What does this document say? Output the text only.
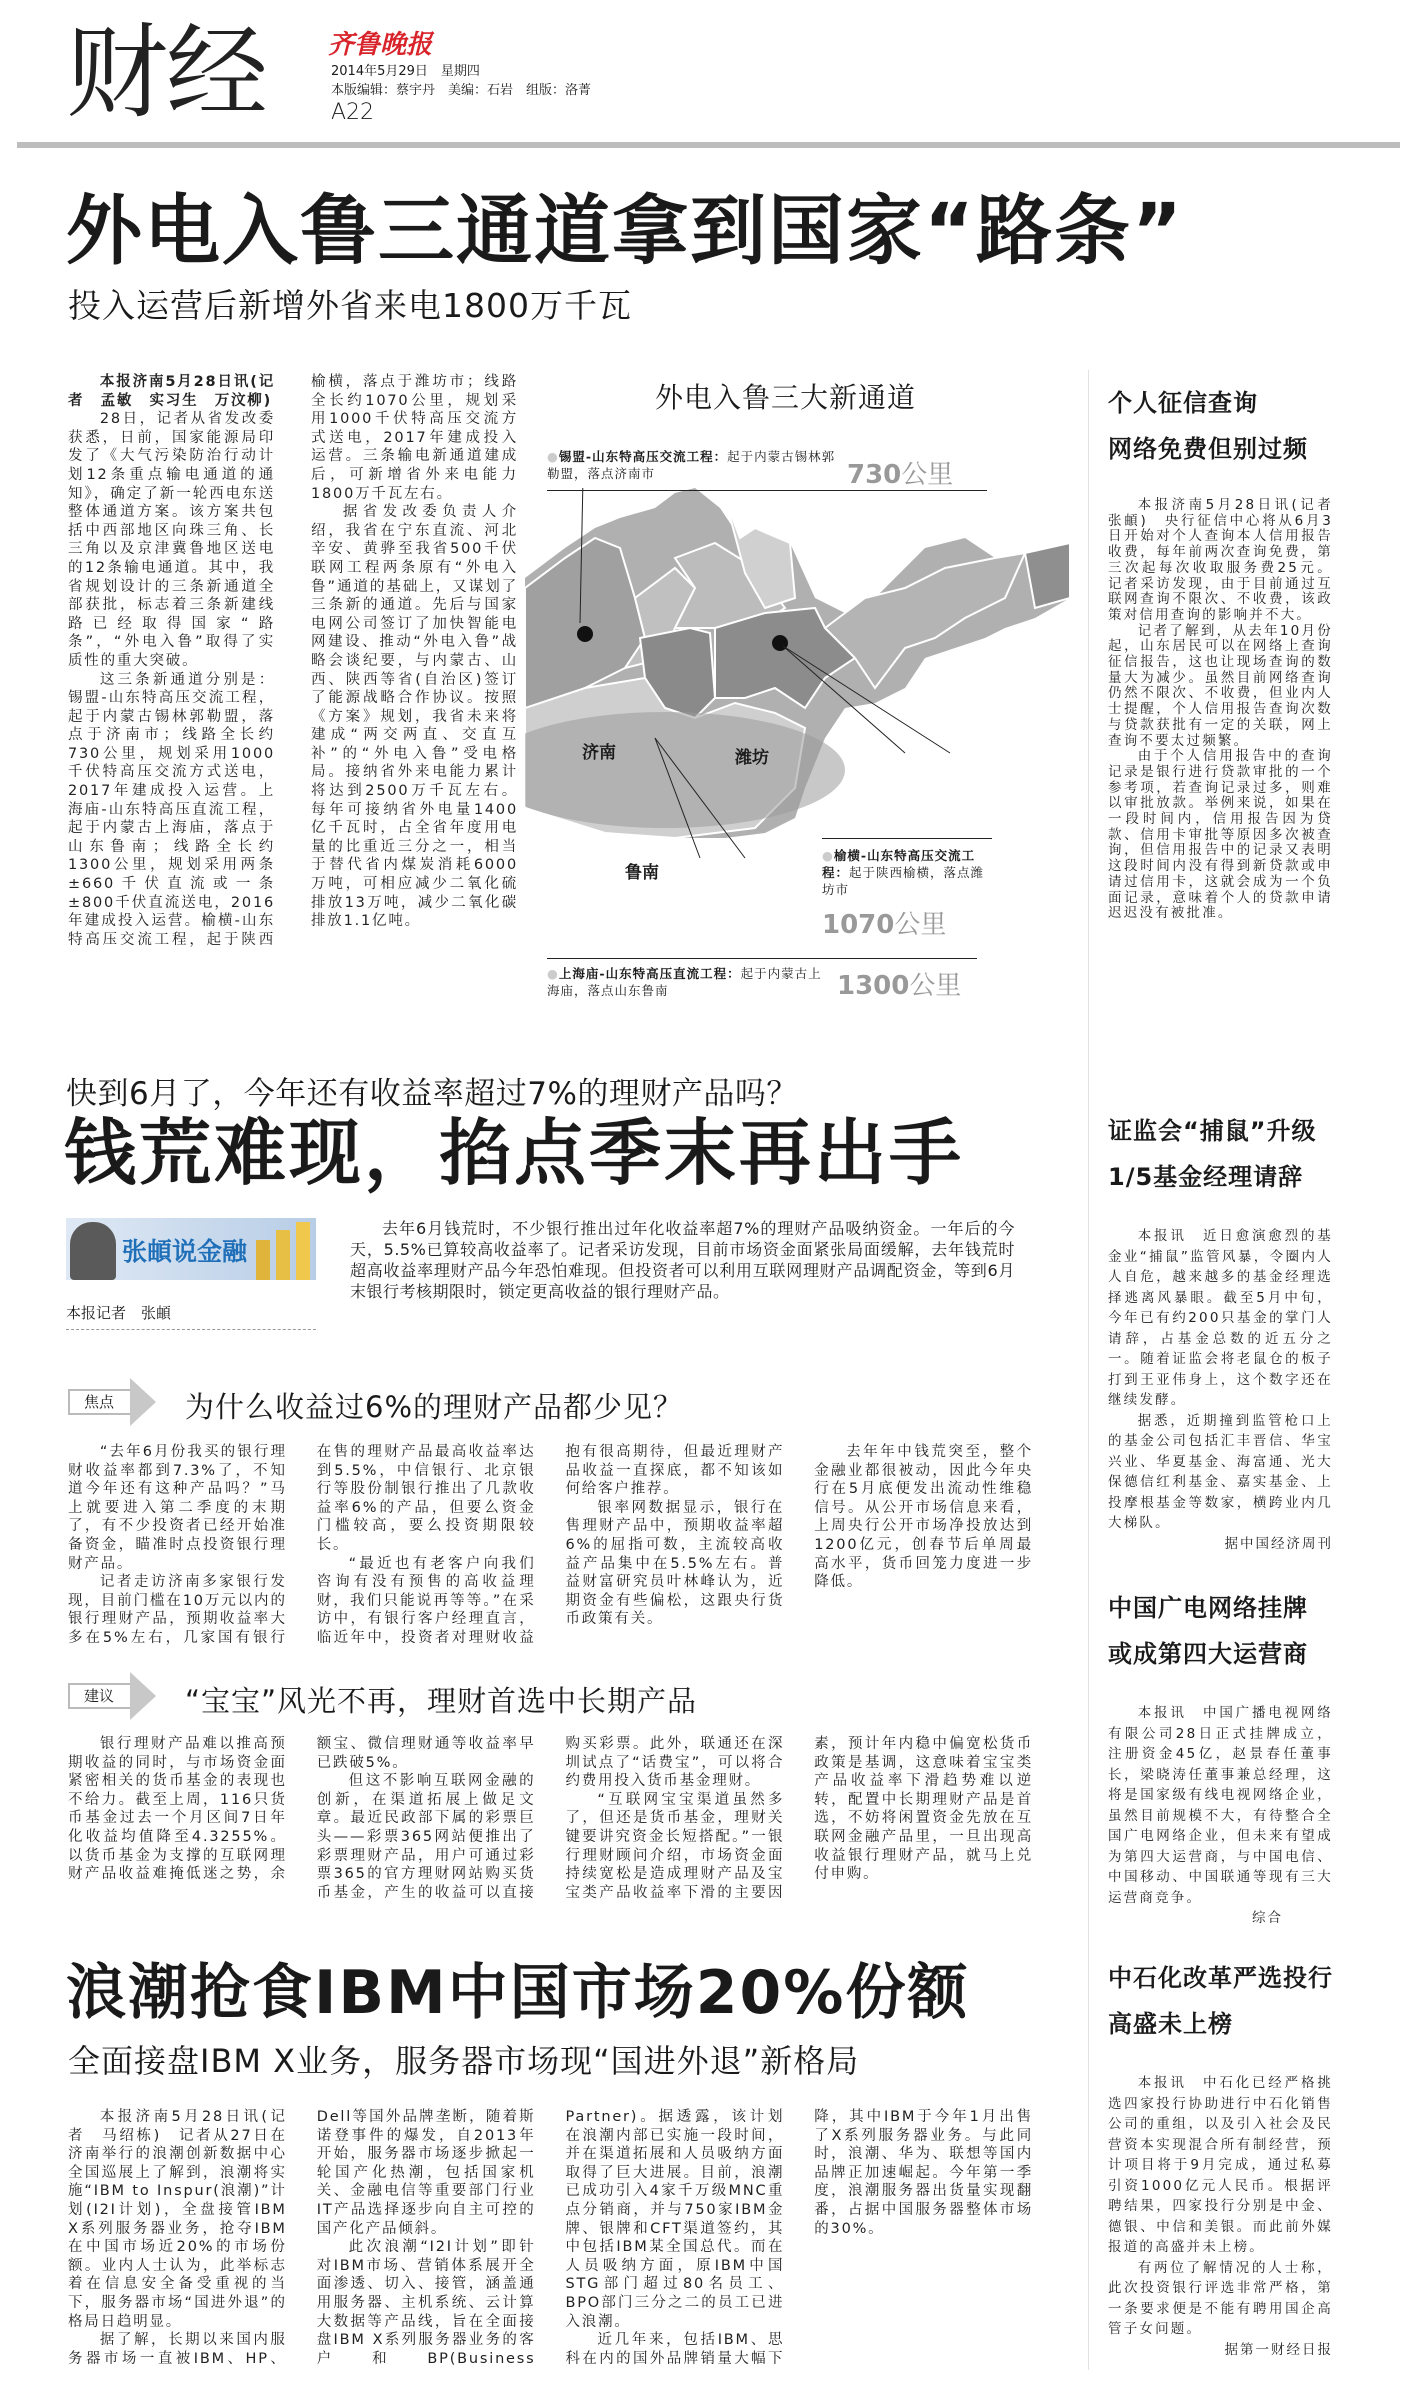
财经 齐鲁晚报
2014年5月29日　星期四
本版编辑：蔡宇丹　美编：石岩　组版：洛菁
A22
外电入鲁三通道拿到国家“路条”
投入运营后新增外省来电1800万千瓦

本报济南5月28日讯(记者　孟敏　实习生　万汶柳)

28日，记者从省发改委获悉，日前，国家能源局印发了《大气污染防治行动计划12条重点输电通道的通知》，确定了新一轮西电东送整体通道方案。该方案共包括中西部地区向珠三角、长三角以及京津冀鲁地区送电的12条输电通道。其中，我省规划设计的三条新通道全部获批，标志着三条新建线路已经取得国家“路条”，“外电入鲁”取得了实质性的重大突破。

这三条新通道分别是：锡盟-山东特高压交流工程，起于内蒙古锡林郭勒盟，落点于济南市；线路全长约730公里，规划采用1000千伏特高压交流方式送电，2017年建成投入运营。上海庙-山东特高压直流工程，起于内蒙古上海庙，落点于山东鲁南；线路全长约1300公里，规划采用两条±660千伏直流或一条±800千伏直流送电，2016年建成投入运营。榆横-山东特高压交流工程，起于陕西榆横，落点于潍坊市；线路全长约1070公里，规划采用1000千伏特高压交流方式送电，2017年建成投入运营。三条输电新通道建成后，可新增省外来电能力1800万千瓦左右。

据省发改委负责人介绍，我省在宁东直流、河北辛安、黄骅至我省500千伏联网工程两条原有“外电入鲁”通道的基础上，又谋划了三条新的通道。先后与国家电网公司签订了加快智能电网建设、推动“外电入鲁”战略会谈纪要，与内蒙古、山西、陕西等省(自治区)签订了能源战略合作协议。按照《方案》规划，我省未来将建成“两交两直、交直互补”的“外电入鲁”受电格局。接纳省外来电能力累计将达到2500万千瓦左右。每年可接纳省外电量1400亿千瓦时，占全省年度用电量的比重近三分之一，相当于替代省内煤炭消耗6000万吨，可相应减少二氧化硫排放13万吨，减少二氧化碳排放1.1亿吨。

外电入鲁三大新通道
济南	潍坊
鲁南
●锡盟-山东特高压交流工程：起于内蒙古锡林郭勒盟，落点济南市	730公里
●榆横-山东特高压交流工程：起于陕西榆横，落点潍坊市
1070公里
●上海庙-山东特高压直流工程：起于内蒙古上海庙，落点山东鲁南	1300公里
个人征信查询
网络免费但别过频

本报济南5月28日讯(记者张頔)　央行征信中心将从6月3日开始对个人查询本人信用报告收费，每年前两次查询免费，第三次起每次收取服务费25元。记者采访发现，由于目前通过互联网查询不限次、不收费，该政策对信用查询的影响并不大。

记者了解到，从去年10月份起，山东居民可以在网络上查询征信报告，这也让现场查询的数量大为减少。虽然目前网络查询仍然不限次、不收费，但业内人士提醒，个人信用报告查询次数与贷款获批有一定的关联，网上查询不要太过频繁。

由于个人信用报告中的查询记录是银行进行贷款审批的一个参考项，若查询记录过多，则难以审批放款。举例来说，如果在一段时间内，信用报告因为贷款、信用卡审批等原因多次被查询，但信用报告中的记录又表明这段时间内没有得到新贷款或申请过信用卡，这就会成为一个负面记录，意味着个人的贷款申请迟迟没有被批准。

证监会“捕鼠”升级
1/5基金经理请辞

本报讯　近日愈演愈烈的基金业“捕鼠”监管风暴，令圈内人人自危，越来越多的基金经理选择逃离风暴眼。截至5月中旬，今年已有约200只基金的掌门人请辞，占基金总数的近五分之一。随着证监会将老鼠仓的板子打到王亚伟身上，这个数字还在继续发酵。

据悉，近期撞到监管枪口上的基金公司包括汇丰晋信、华宝兴业、华夏基金、海富通、光大保德信红利基金、嘉实基金、上投摩根基金等数家，横跨业内几大梯队。

据中国经济周刊
中国广电网络挂牌
或成第四大运营商

本报讯　中国广播电视网络有限公司28日正式挂牌成立，注册资金45亿，赵景春任董事长，梁晓涛任董事兼总经理，这将是国家级有线电视网络企业，虽然目前规模不大，有待整合全国广电网络企业，但未来有望成为第四大运营商，与中国电信、中国移动、中国联通等现有三大运营商竞争。

综合
中石化改革严选投行
高盛未上榜

本报讯　中石化已经严格挑选四家投行协助进行中石化销售公司的重组，以及引入社会及民营资本实现混合所有制经营，预计项目将于9月完成，通过私募引资1000亿元人民币。根据评聘结果，四家投行分别是中金、德银、中信和美银。而此前外媒报道的高盛并未上榜。

有两位了解情况的人士称，此次投资银行评选非常严格，第一条要求便是不能有聘用国企高管子女问题。

据第一财经日报
快到6月了，今年还有收益率超过7%的理财产品吗？
钱荒难现，掐点季末再出手
张頔说金融
本报记者　张頔
去年6月钱荒时，不少银行推出过年化收益率超7%的理财产品吸纳资金。一年后的今天，5.5%已算较高收益率了。记者采访发现，目前市场资金面紧张局面缓解，去年钱荒时超高收益率理财产品今年恐怕难现。但投资者可以利用互联网理财产品调配资金，等到6月末银行考核期限时，锁定更高收益的银行理财产品。
焦点	为什么收益过6%的理财产品都少见？

“去年6月份我买的银行理财收益率都到7.3%了，不知道今年还有这种产品吗？”马上就要进入第二季度的末期了，有不少投资者已经开始准备资金，瞄准时点投资银行理财产品。

记者走访济南多家银行发现，目前门槛在10万元以内的银行理财产品，预期收益率大多在5%左右，几家国有银行在售的理财产品最高收益率达到5.5%，中信银行、北京银行等股份制银行推出了几款收益率6%的产品，但要么资金门槛较高，要么投资期限较长。

“最近也有老客户向我们咨询有没有预售的高收益理财，我们只能说再等等。”在采访中，有银行客户经理直言，临近年中，投资者对理财收益抱有很高期待，但最近理财产品收益一直探底，都不知该如何给客户推荐。

银率网数据显示，银行在售理财产品中，预期收益率超6%的屈指可数，主流较高收益产品集中在5.5%左右。普益财富研究员叶林峰认为，近期资金有些偏松，这跟央行货币政策有关。

去年年中钱荒突至，整个金融业都很被动，因此今年央行在5月底便发出流动性维稳信号。从公开市场信息来看，上周央行公开市场净投放达到1200亿元，创春节后单周最高水平，货币回笼力度进一步降低。

建议	“宝宝”风光不再，理财首选中长期产品

银行理财产品难以推高预期收益的同时，与市场资金面紧密相关的货币基金的表现也不给力。截至上周，116只货币基金过去一个月区间7日年化收益均值降至4.3255%。以货币基金为支撑的互联网理财产品收益难掩低迷之势，余额宝、微信理财通等收益率早已跌破5%。

但这不影响互联网金融的创新，在渠道拓展上做足文章。最近民政部下属的彩票巨头——彩票365网站便推出了彩票理财产品，用户可通过彩票365的官方理财网站购买货币基金，产生的收益可以直接购买彩票。此外，联通还在深圳试点了“话费宝”，可以将合约费用投入货币基金理财。

“互联网宝宝渠道虽然多了，但还是货币基金，理财关键要讲究资金长短搭配。”一银行理财顾问介绍，市场资金面持续宽松是造成理财产品及宝宝类产品收益率下滑的主要因素，预计年内稳中偏宽松货币政策是基调，这意味着宝宝类产品收益率下滑趋势难以逆转，配置中长期理财产品是首选，不妨将闲置资金先放在互联网金融产品里，一旦出现高收益银行理财产品，就马上兑付申购。

浪潮抢食IBM中国市场20%份额
全面接盘IBM X业务，服务器市场现“国进外退”新格局

本报济南5月28日讯(记者　马绍栋)　记者从27日在济南举行的浪潮创新数据中心全国巡展上了解到，浪潮将实施“IBM to Inspur(浪潮)”计划(I2I计划)，全盘接管IBM X系列服务器业务，抢夺IBM在中国市场近20%的市场份额。业内人士认为，此举标志着在信息安全备受重视的当下，服务器市场“国进外退”的格局日趋明显。

据了解，长期以来国内服务器市场一直被IBM、HP、Dell等国外品牌垄断，随着斯诺登事件的爆发，自2013年开始，服务器市场逐步掀起一轮国产化热潮，包括国家机关、金融电信等重要部门行业IT产品选择逐步向自主可控的国产化产品倾斜。

此次浪潮“I2I计划”即针对IBM市场、营销体系展开全面渗透、切入、接管，涵盖通用服务器、主机系统、云计算大数据等产品线，旨在全面接盘IBM X系列服务器业务的客户和BP(Business Partner)。据透露，该计划在浪潮内部已实施一段时间，并在渠道拓展和人员吸纳方面取得了巨大进展。目前，浪潮已成功引入4家千万级MNC重点分销商，并与750家IBM金牌、银牌和CFT渠道签约，其中包括IBM某全国总代。而在人员吸纳方面，原IBM中国STG部门超过80名员工、BPO部门三分之二的员工已进入浪潮。

近几年来，包括IBM、思科在内的国外品牌销量大幅下降，其中IBM于今年1月出售了X系列服务器业务。与此同时，浪潮、华为、联想等国内品牌正加速崛起。今年第一季度，浪潮服务器出货量实现翻番，占据中国服务器整体市场的30%。
